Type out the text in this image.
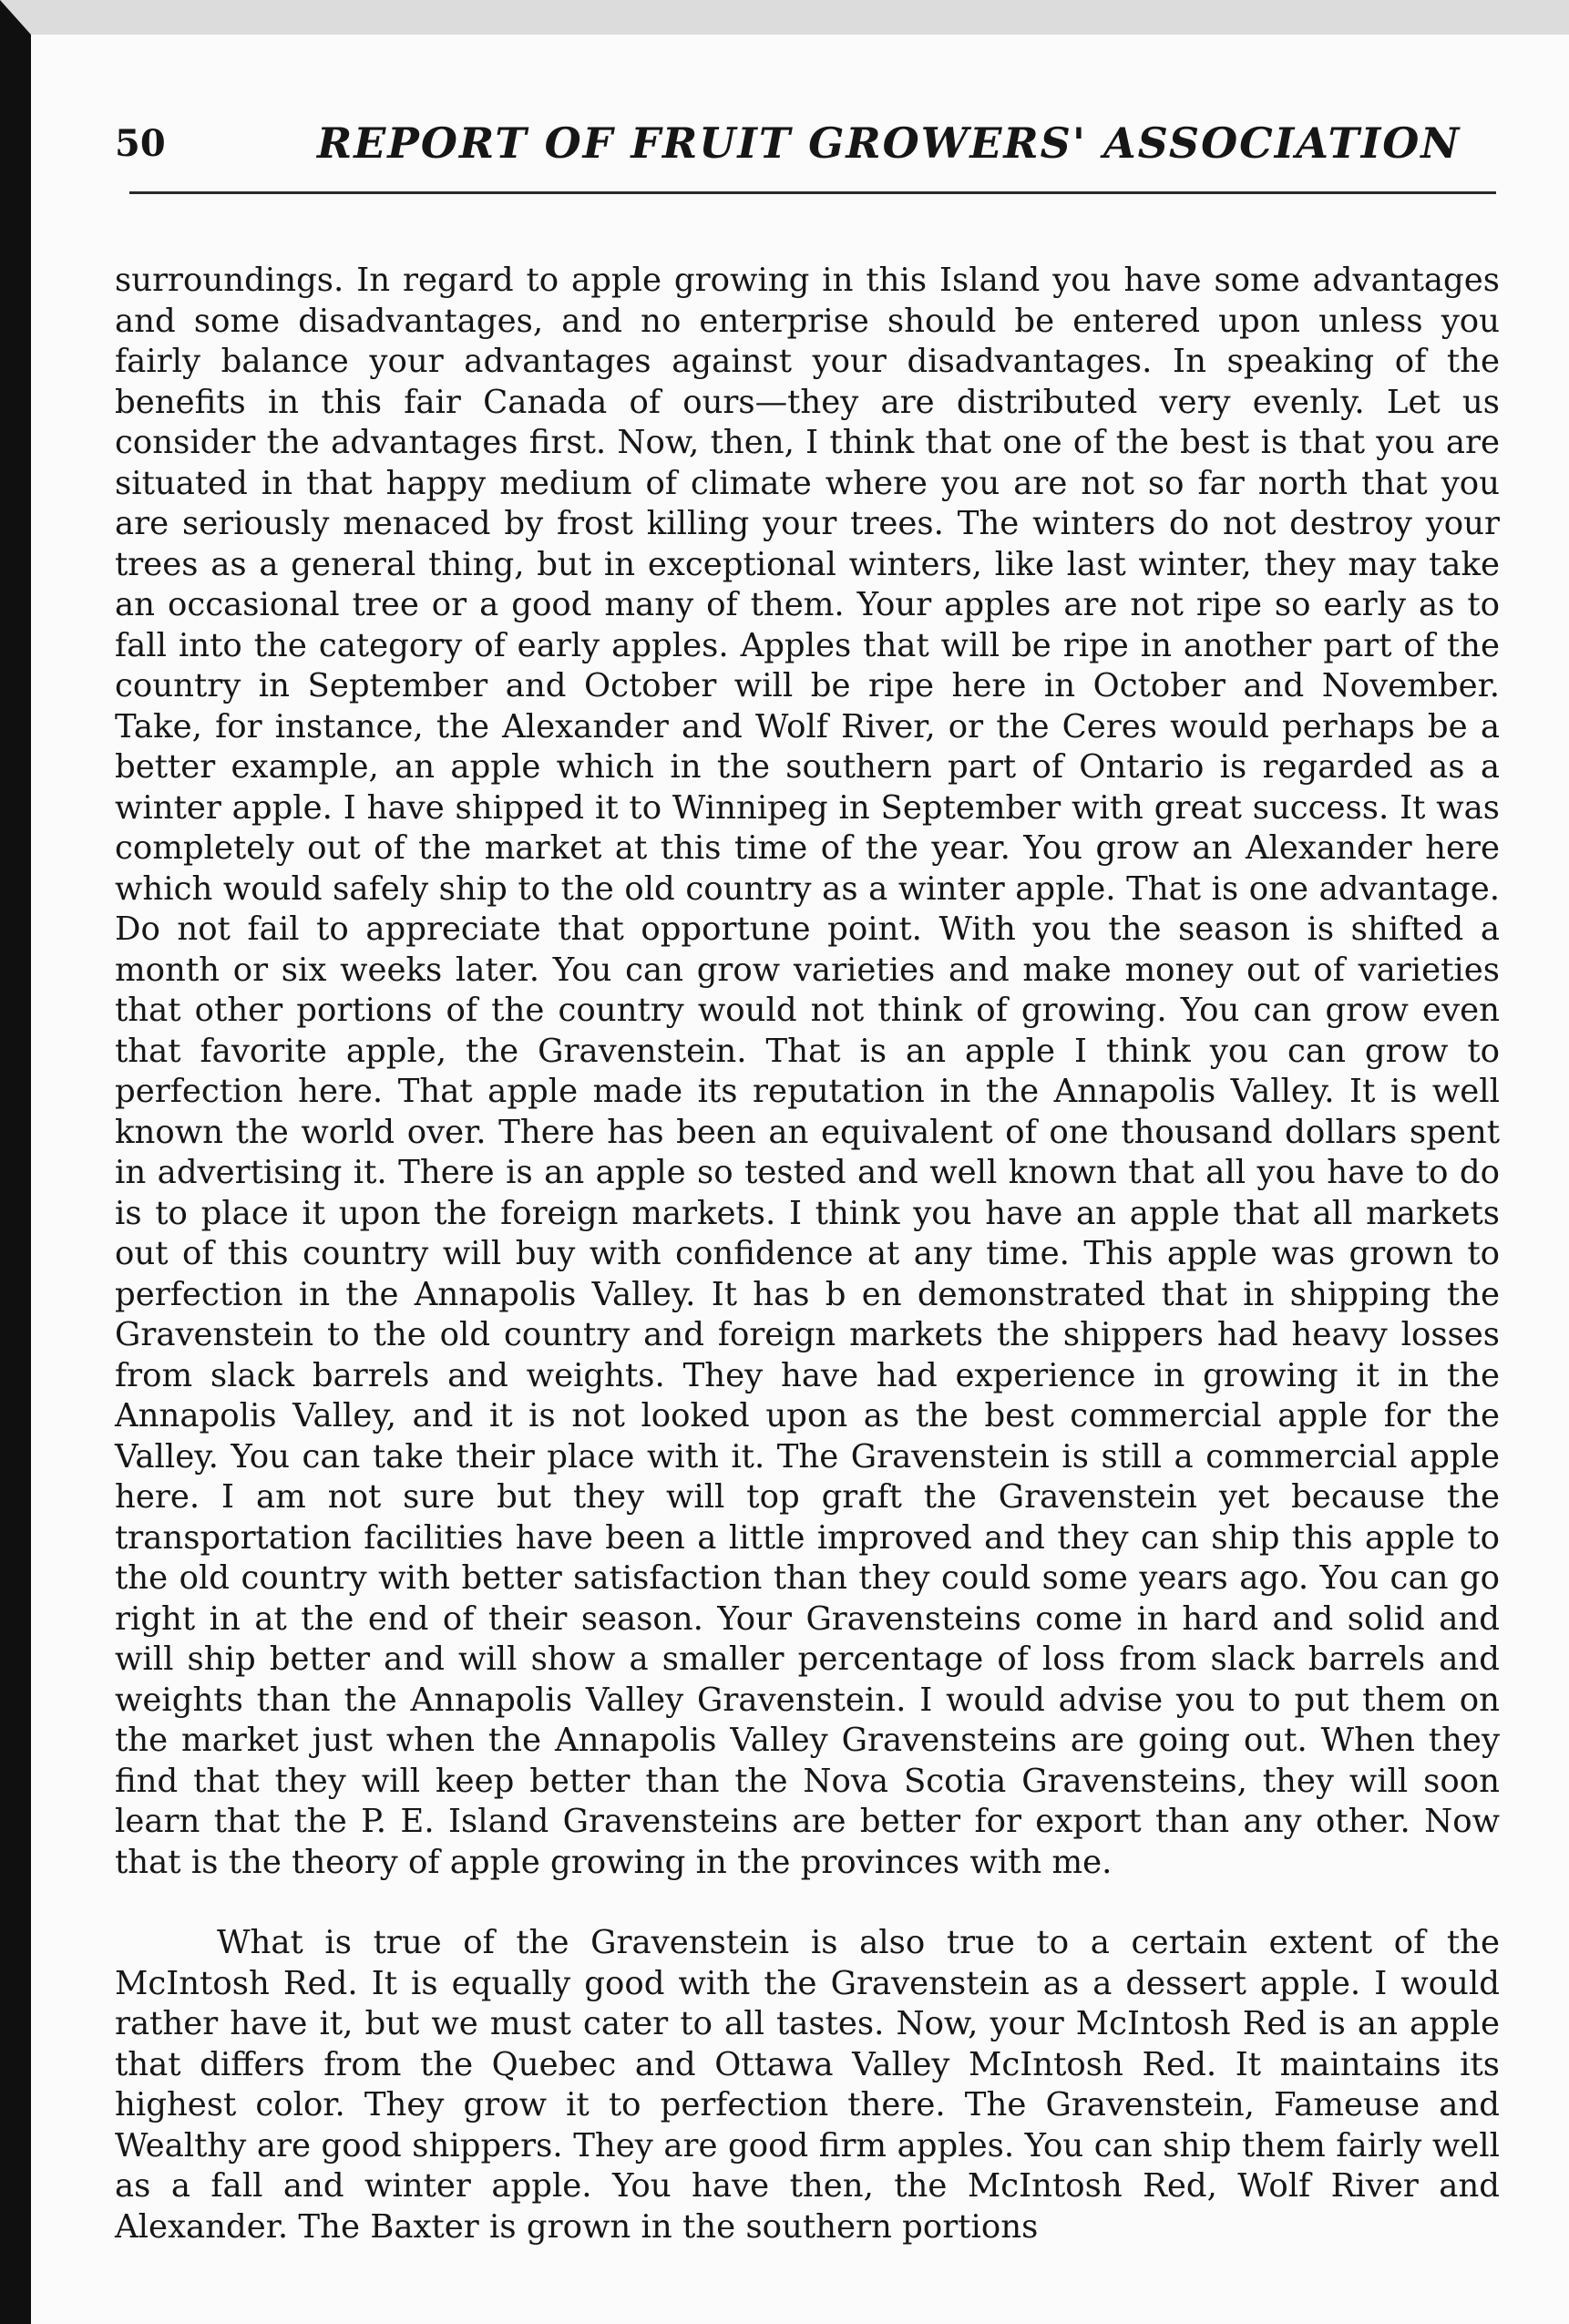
50	REPORT OF FRUIT GROWERS' ASSOCIATION

surroundings. In regard to apple growing in this Island you have some advantages and some disadvantages, and no enterprise should be entered upon unless you fairly balance your advantages against your disadvantages. In speaking of the benefits in this fair Canada of ours—they are distributed very evenly. Let us consider the advantages first. Now, then, I think that one of the best is that you are situated in that happy medium of climate where you are not so far north that you are seriously menaced by frost killing your trees. The winters do not destroy your trees as a general thing, but in exceptional winters, like last winter, they may take an occasional tree or a good many of them. Your apples are not ripe so early as to fall into the category of early apples. Apples that will be ripe in another part of the country in September and October will be ripe here in October and November. Take, for instance, the Alexander and Wolf River, or the Ceres would perhaps be a better example, an apple which in the southern part of Ontario is regarded as a winter apple. I have shipped it to Winnipeg in September with great success. It was completely out of the market at this time of the year. You grow an Alexander here which would safely ship to the old country as a winter apple. That is one advantage. Do not fail to appreciate that opportune point. With you the season is shifted a month or six weeks later. You can grow varieties and make money out of varieties that other portions of the country would not think of growing. You can grow even that favorite apple, the Gravenstein. That is an apple I think you can grow to perfection here. That apple made its reputation in the Annapolis Valley. It is well known the world over. There has been an equivalent of one thousand dollars spent in advertising it. There is an apple so tested and well known that all you have to do is to place it upon the foreign markets. I think you have an apple that all markets out of this country will buy with confidence at any time. This apple was grown to perfection in the Annapolis Valley. It has b en demonstrated that in shipping the Gravenstein to the old country and foreign markets the shippers had heavy losses from slack barrels and weights. They have had experience in growing it in the Annapolis Valley, and it is not looked upon as the best commercial apple for the Valley. You can take their place with it. The Gravenstein is still a commercial apple here. I am not sure but they will top graft the Gravenstein yet because the transportation facilities have been a little improved and they can ship this apple to the old country with better satisfaction than they could some years ago. You can go right in at the end of their season. Your Gravensteins come in hard and solid and will ship better and will show a smaller percentage of loss from slack barrels and weights than the Annapolis Valley Gravenstein. I would advise you to put them on the market just when the Annapolis Valley Gravensteins are going out. When they find that they will keep better than the Nova Scotia Gravensteins, they will soon learn that the P. E. Island Gravensteins are better for export than any other. Now that is the theory of apple growing in the provinces with me.

What is true of the Gravenstein is also true to a certain extent of the McIntosh Red. It is equally good with the Gravenstein as a dessert apple. I would rather have it, but we must cater to all tastes. Now, your McIntosh Red is an apple that differs from the Quebec and Ottawa Valley McIntosh Red. It maintains its highest color. They grow it to perfection there. The Gravenstein, Fameuse and Wealthy are good shippers. They are good firm apples. You can ship them fairly well as a fall and winter apple. You have then, the McIntosh Red, Wolf River and Alexander. The Baxter is grown in the southern portions
